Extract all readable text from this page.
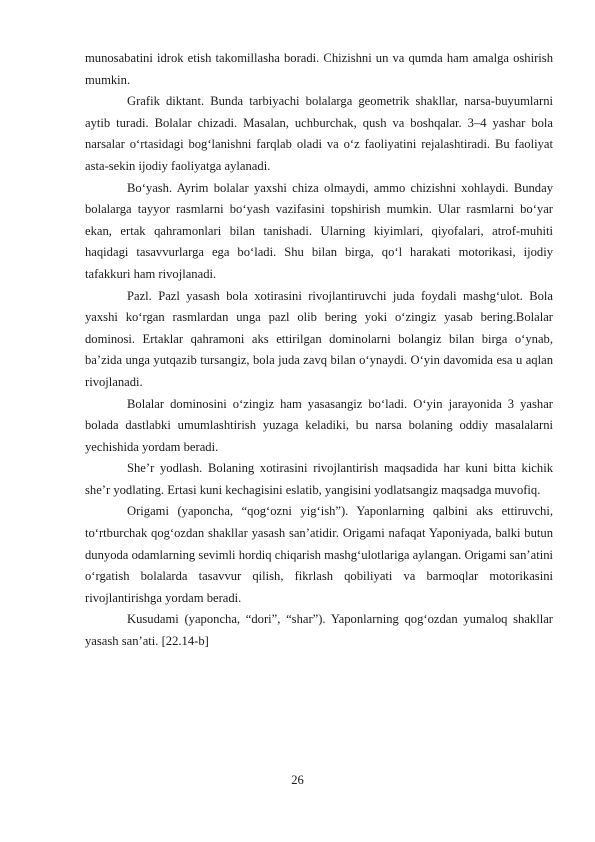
munosabatini idrok etish takomillasha boradi. Chizishni un va qumda ham amalga oshirish mumkin.

Grafik diktant. Bunda tarbiyachi bolalarga geometrik shakllar, narsa-buyumlarni aytib turadi. Bolalar chizadi. Masalan, uchburchak, qush va boshqalar. 3–4 yashar bola narsalar o‘rtasidagi bog‘lanishni farqlab oladi va o‘z faoliyatini rejalashtiradi. Bu faoliyat asta-sekin ijodiy faoliyatga aylanadi.

Bo‘yash. Ayrim bolalar yaxshi chiza olmaydi, ammo chizishni xohlaydi. Bunday bolalarga tayyor rasmlarni bo‘yash vazifasini topshirish mumkin. Ular rasmlarni bo‘yar ekan, ertak qahramonlari bilan tanishadi. Ularning kiyimlari, qiyofalari, atrof-muhiti haqidagi tasavvurlarga ega bo‘ladi. Shu bilan birga, qo‘l harakati motorikasi, ijodiy tafakkuri ham rivojlanadi.

Pazl. Pazl yasash bola xotirasini rivojlantiruvchi juda foydali mashg‘ulot. Bola yaxshi ko‘rgan rasmlardan unga pazl olib bering yoki o‘zingiz yasab bering.Bolalar dominosi. Ertaklar qahramoni aks ettirilgan dominolarni bolangiz bilan birga o‘ynab, ba’zida unga yutqazib tursangiz, bola juda zavq bilan o‘ynaydi. O‘yin davomida esa u aqlan rivojlanadi.

Bolalar dominosini o‘zingiz ham yasasangiz bo‘ladi. O‘yin jarayonida 3 yashar bolada dastlabki umumlashtirish yuzaga keladiki, bu narsa bolaning oddiy masalalarni yechishida yordam beradi.

She’r yodlash. Bolaning xotirasini rivojlantirish maqsadida har kuni bitta kichik she’r yodlating. Ertasi kuni kechagisini eslatib, yangisini yodlatsangiz maqsadga muvofiq.

Origami (yaponcha, “qog‘ozni yig‘ish”). Yaponlarning qalbini aks ettiruvchi, to‘rtburchak qog‘ozdan shakllar yasash san’atidir. Origami nafaqat Yaponiyada, balki butun dunyoda odamlarning sevimli hordiq chiqarish mashg‘ulotlariga aylangan. Origami san’atini o‘rgatish bolalarda tasavvur qilish, fikrlash qobiliyati va barmoqlar motorikasini rivojlantirishga yordam beradi.

Kusudami (yaponcha, “dori”, “shar”). Yaponlarning qog‘ozdan yumaloq shakllar yasash san’ati. [22.14-b]

26
